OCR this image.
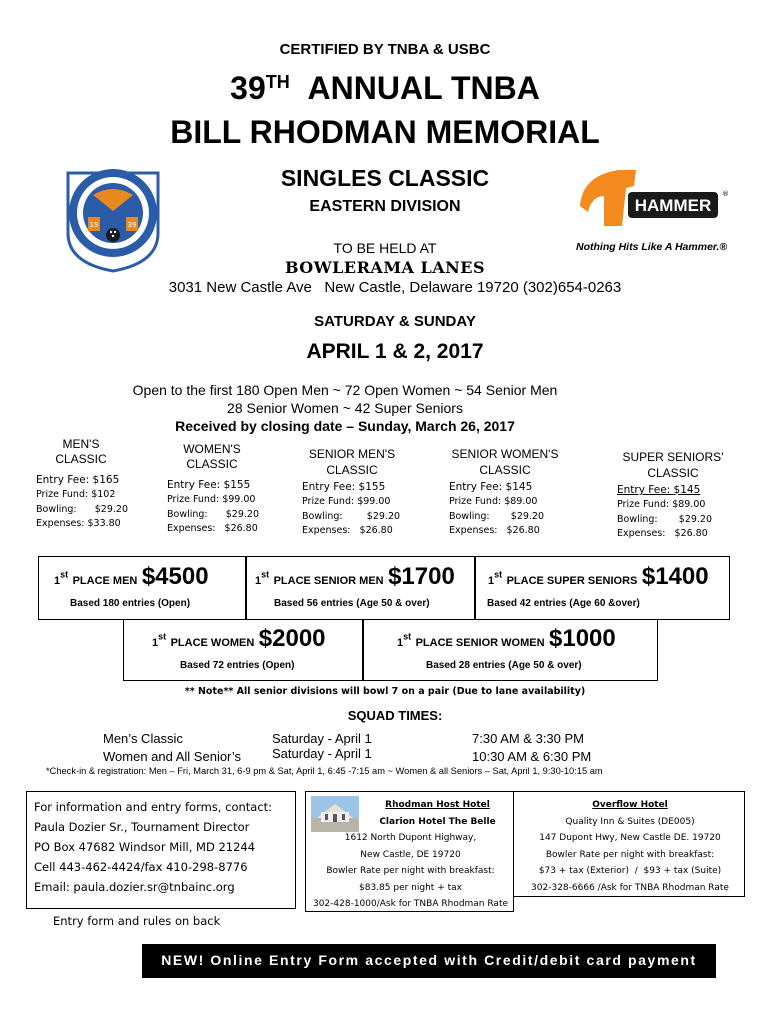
CERTIFIED BY TNBA & USBC
39TH ANNUAL TNBA
BILL RHODMAN MEMORIAL
SINGLES CLASSIC
EASTERN DIVISION
TO BE HELD AT
BOWLERAMA LANES
3031 New Castle Ave   New Castle, Delaware 19720 (302)654-0263
SATURDAY & SUNDAY
APRIL 1 & 2, 2017
19	39
HAMMER
®
Nothing Hits Like A Hammer.®
Open to the first 180 Open Men ~ 72 Open Women ~ 54 Senior Men
28 Senior Women ~ 42 Super Seniors
Received by closing date – Sunday, March 26, 2017
MEN'S
CLASSIC
Entry Fee: $165
Prize Fund: $102
Bowling:      $29.20
Expenses: $33.80
WOMEN'S
CLASSIC
Entry Fee: $155
Prize Fund: $99.00
Bowling:      $29.20
Expenses:   $26.80
SENIOR MEN'S
CLASSIC
Entry Fee: $155
Prize Fund: $99.00
Bowling:        $29.20
Expenses:   $26.80
SENIOR WOMEN'S
CLASSIC
Entry Fee: $145
Prize Fund: $89.00
Bowling:       $29.20
Expenses:   $26.80
SUPER SENIORS'
CLASSIC
Entry Fee: $145
Prize Fund: $89.00
Bowling:       $29.20
Expenses:   $26.80
1st PLACE MEN $4500
Based 180 entries (Open)
1st PLACE SENIOR MEN $1700
Based 56 entries (Age 50 & over)
1st PLACE SUPER SENIORS $1400
Based 42 entries (Age 60 &over)
1st PLACE WOMEN $2000
Based 72 entries (Open)
1st PLACE SENIOR WOMEN $1000
Based 28 entries (Age 50 & over)
** Note** All senior divisions will bowl 7 on a pair (Due to lane availability)
SQUAD TIMES:
Men’s Classic	Saturday - April 1	7:30 AM & 3:30 PM
Women and All Senior’s Saturday - April 1	10:30 AM & 6:30 PM
*Check-in & registration: Men – Fri, March 31, 6-9 pm & Sat, April 1, 6:45 -7:15 am ~ Women & all Seniors – Sat, April 1, 9:30-10:15 am
For information and entry forms, contact:
Paula Dozier Sr., Tournament Director
PO Box 47682 Windsor Mill, MD 21244
Cell 443-462-4424/fax 410-298-8776
Email: paula.dozier.sr@tnbainc.org
Rhodman Host Hotel
Clarion Hotel The Belle
1612 North Dupont Highway,
New Castle, DE 19720
Bowler Rate per night with breakfast:
$83.85 per night + tax
302-428-1000/Ask for TNBA Rhodman Rate
Overflow Hotel
Quality Inn & Suites (DE005)
147 Dupont Hwy, New Castle DE. 19720
Bowler Rate per night with breakfast:
$73 + tax (Exterior)  /  $93 + tax (Suite)
302-328-6666 /Ask for TNBA Rhodman Rate
Entry form and rules on back
NEW! Online Entry Form accepted with Credit/debit card payment
